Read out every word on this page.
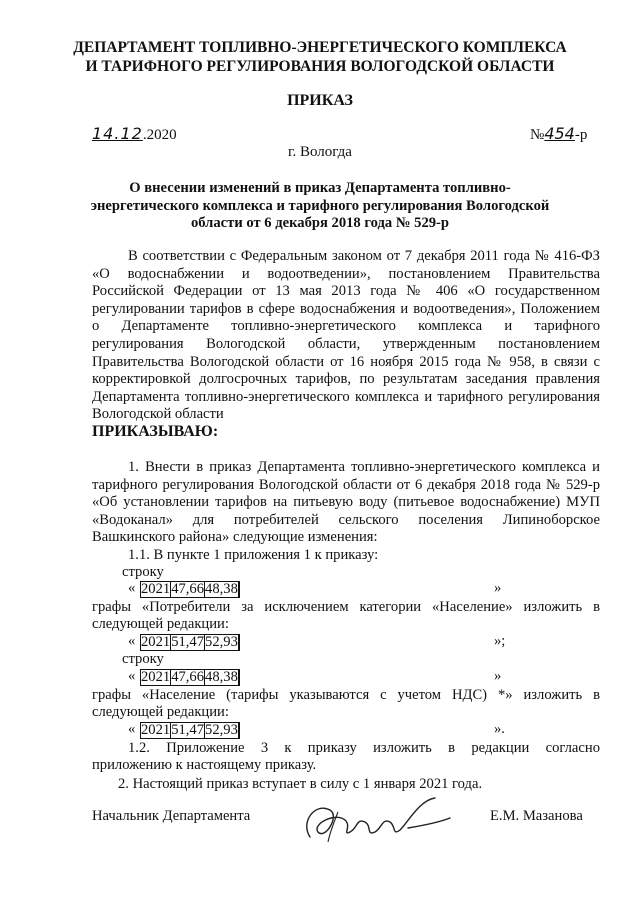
ДЕПАРТАМЕНТ ТОПЛИВНО-ЭНЕРГЕТИЧЕСКОГО КОМПЛЕКСА
И ТАРИФНОГО РЕГУЛИРОВАНИЯ ВОЛОГОДСКОЙ ОБЛАСТИ
ПРИКАЗ
14.12.2020	№454-р
г. Вологда
О внесении изменений в приказ Департамента топливно-
энергетического комплекса и тарифного регулирования Вологодской
области от 6 декабря 2018 года № 529-р
В соответствии с Федеральным законом от 7 декабря 2011 года № 416-ФЗ «О водоснабжении и водоотведении», постановлением Правительства Российской Федерации от 13 мая 2013 года № 406 «О государственном регулировании тарифов в сфере водоснабжения и водоотведения», Положением о Департаменте топливно-энергетического комплекса и тарифного регулирования Вологодской области, утвержденным постановлением Правительства Вологодской области от 16 ноября 2015 года № 958, в связи с корректировкой долгосрочных тарифов, по результатам заседания правления Департамента топливно-энергетического комплекса и тарифного регулирования Вологодской области
ПРИКАЗЫВАЮ:
1. Внести в приказ Департамента топливно-энергетического комплекса и тарифного регулирования Вологодской области от 6 декабря 2018 года № 529-р «Об установлении тарифов на питьевую воду (питьевое водоснабжение) МУП «Водоканал» для потребителей сельского поселения Липиноборское Вашкинского района» следующие изменения:
1.1. В пункте 1 приложения 1 к приказу:
строку
« 2021	47,66	48,38		»
графы «Потребители за исключением категории «Население» изложить в
следующей редакции:
« 2021	51,47	52,93		»;
строку
« 2021	47,66	48,38		»
графы «Население (тарифы указываются с учетом НДС) *» изложить в
следующей редакции:
« 2021	51,47	52,93		».
1.2. Приложение 3 к приказу изложить в редакции согласно
приложению к настоящему приказу.
2. Настоящий приказ вступает в силу с 1 января 2021 года.
Начальник Департамента	Е.М. Мазанова
